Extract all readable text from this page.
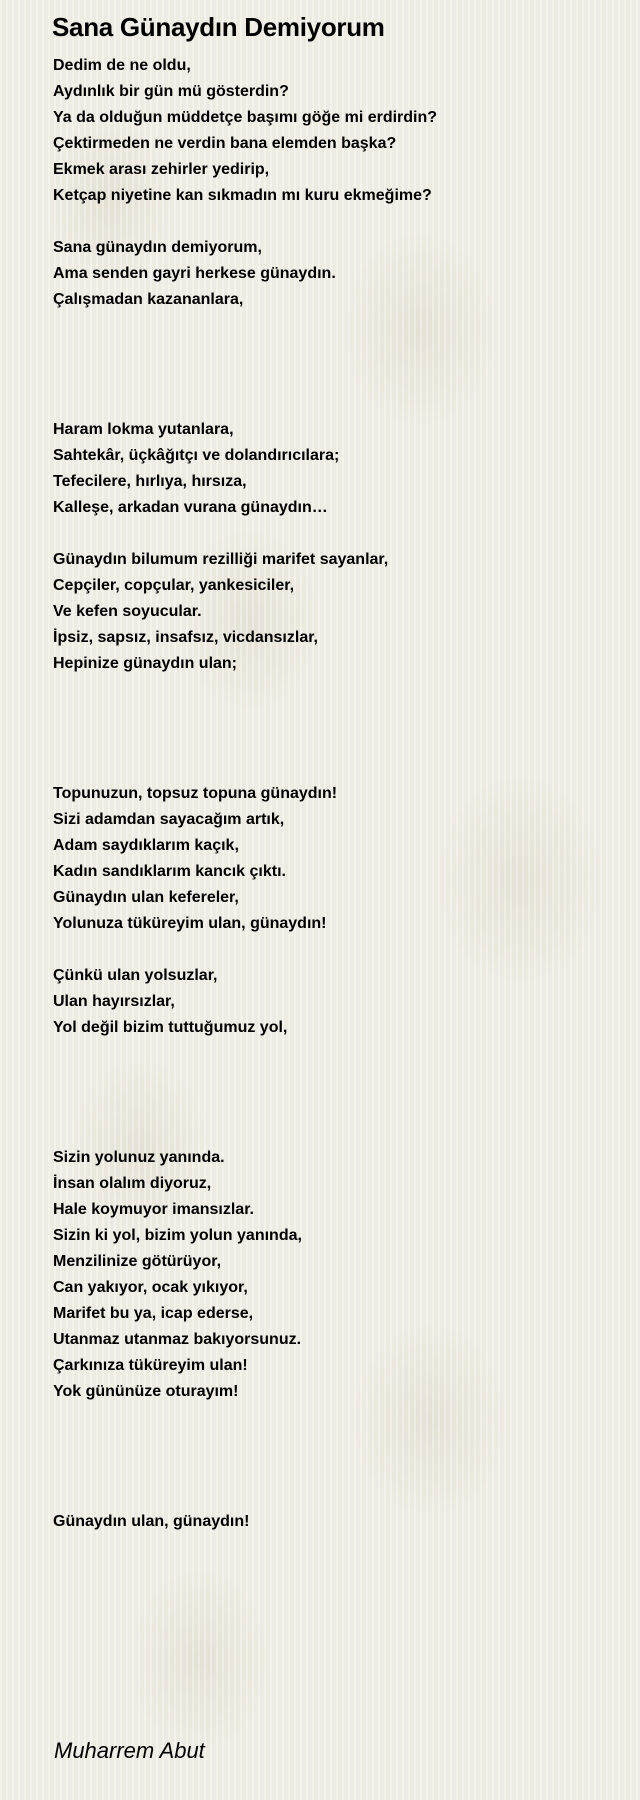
Sana Günaydın Demiyorum
Dedim de ne oldu,
Aydınlık bir gün mü gösterdin?
Ya da olduğun müddetçe başımı göğe mi erdirdin?
Çektirmeden ne verdin bana elemden başka?
Ekmek arası zehirler yedirip,
Ketçap niyetine kan sıkmadın mı kuru ekmeğime?
Sana günaydın demiyorum,
Ama senden gayri herkese günaydın.
Çalışmadan kazananlara,
Haram lokma yutanlara,
Sahtekâr, üçkâğıtçı ve dolandırıcılara;
Tefecilere, hırlıya, hırsıza,
Kalleşe, arkadan vurana günaydın…
Günaydın bilumum rezilliği marifet sayanlar,
Cepçiler, copçular, yankesiciler,
Ve kefen soyucular.
İpsiz, sapsız, insafsız, vicdansızlar,
Hepinize günaydın ulan;
Topunuzun, topsuz topuna günaydın!
Sizi adamdan sayacağım artık,
Adam saydıklarım kaçık,
Kadın sandıklarım kancık çıktı.
Günaydın ulan kefereler,
Yolunuza tüküreyim ulan, günaydın!
Çünkü ulan yolsuzlar,
Ulan hayırsızlar,
Yol değil bizim tuttuğumuz yol,
Sizin yolunuz yanında.
İnsan olalım diyoruz,
Hale koymuyor imansızlar.
Sizin ki yol, bizim yolun yanında,
Menzilinize götürüyor,
Can yakıyor, ocak yıkıyor,
Marifet bu ya, icap ederse,
Utanmaz utanmaz bakıyorsunuz.
Çarkınıza tüküreyim ulan!
Yok gününüze oturayım!
Günaydın ulan, günaydın!
Muharrem Abut
